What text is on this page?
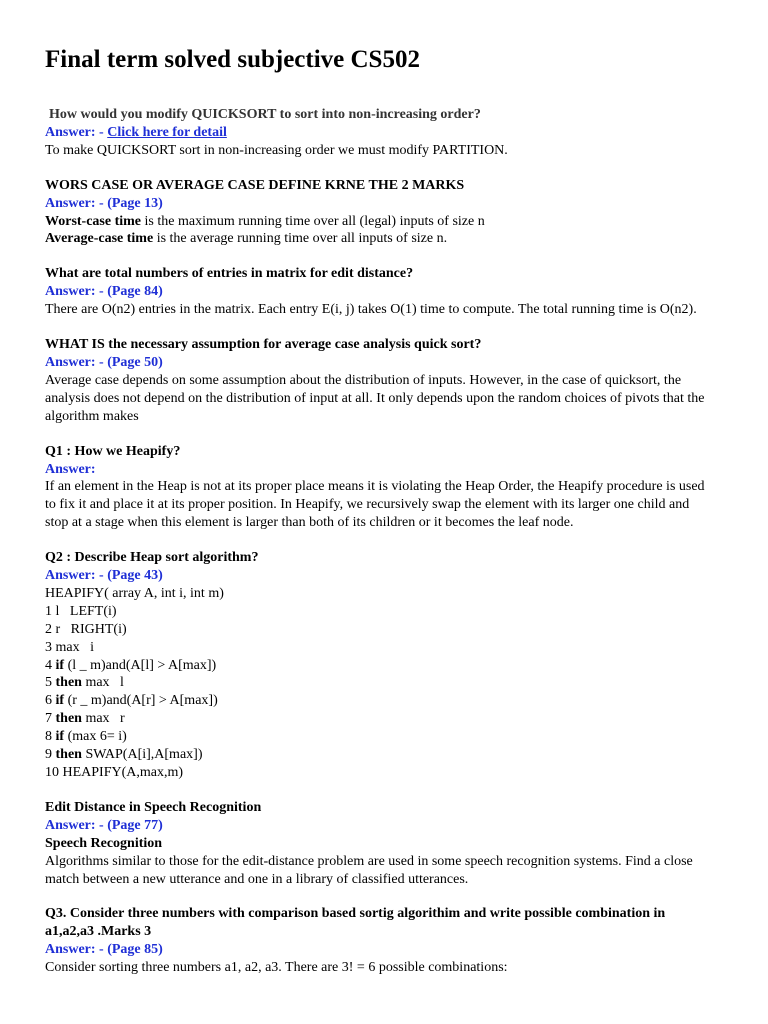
Final term solved subjective CS502
How would you modify QUICKSORT to sort into non-increasing order?
Answer: - Click here for detail
To make QUICKSORT sort in non-increasing order we must modify PARTITION.
WORS CASE OR AVERAGE CASE DEFINE KRNE THE 2 MARKS
Answer: - (Page 13)
Worst-case time is the maximum running time over all (legal) inputs of size n
Average-case time is the average running time over all inputs of size n.
What are total numbers of entries in matrix for edit distance?
Answer: - (Page 84)
There are O(n2) entries in the matrix. Each entry E(i, j) takes O(1) time to compute. The total running time is O(n2).
WHAT IS the necessary assumption for average case analysis quick sort?
Answer: - (Page 50)
Average case depends on some assumption about the distribution of inputs. However, in the case of quicksort, the analysis does not depend on the distribution of input at all. It only depends upon the random choices of pivots that the algorithm makes
Q1 : How we Heapify?
Answer:
If an element in the Heap is not at its proper place means it is violating the Heap Order, the Heapify procedure is used to fix it and place it at its proper position. In Heapify, we recursively swap the element with its larger one child and stop at a stage when this element is larger than both of its children or it becomes the leaf node.
Q2 : Describe Heap sort algorithm?
Answer: - (Page 43)
HEAPIFY( array A, int i, int m)
1 l   LEFT(i)
2 r   RIGHT(i)
3 max   i
4 if (l _ m)and(A[l] > A[max])
5 then max   l
6 if (r _ m)and(A[r] > A[max])
7 then max   r
8 if (max 6= i)
9 then SWAP(A[i],A[max])
10 HEAPIFY(A,max,m)
Edit Distance in Speech Recognition
Answer: - (Page 77)
Speech Recognition
Algorithms similar to those for the edit-distance problem are used in some speech recognition systems. Find a close match between a new utterance and one in a library of classified utterances.
Q3. Consider three numbers with comparison based sortig algorithim and write possible combination in a1,a2,a3 .Marks 3
Answer: - (Page 85)
Consider sorting three numbers a1, a2, a3. There are 3! = 6 possible combinations:
